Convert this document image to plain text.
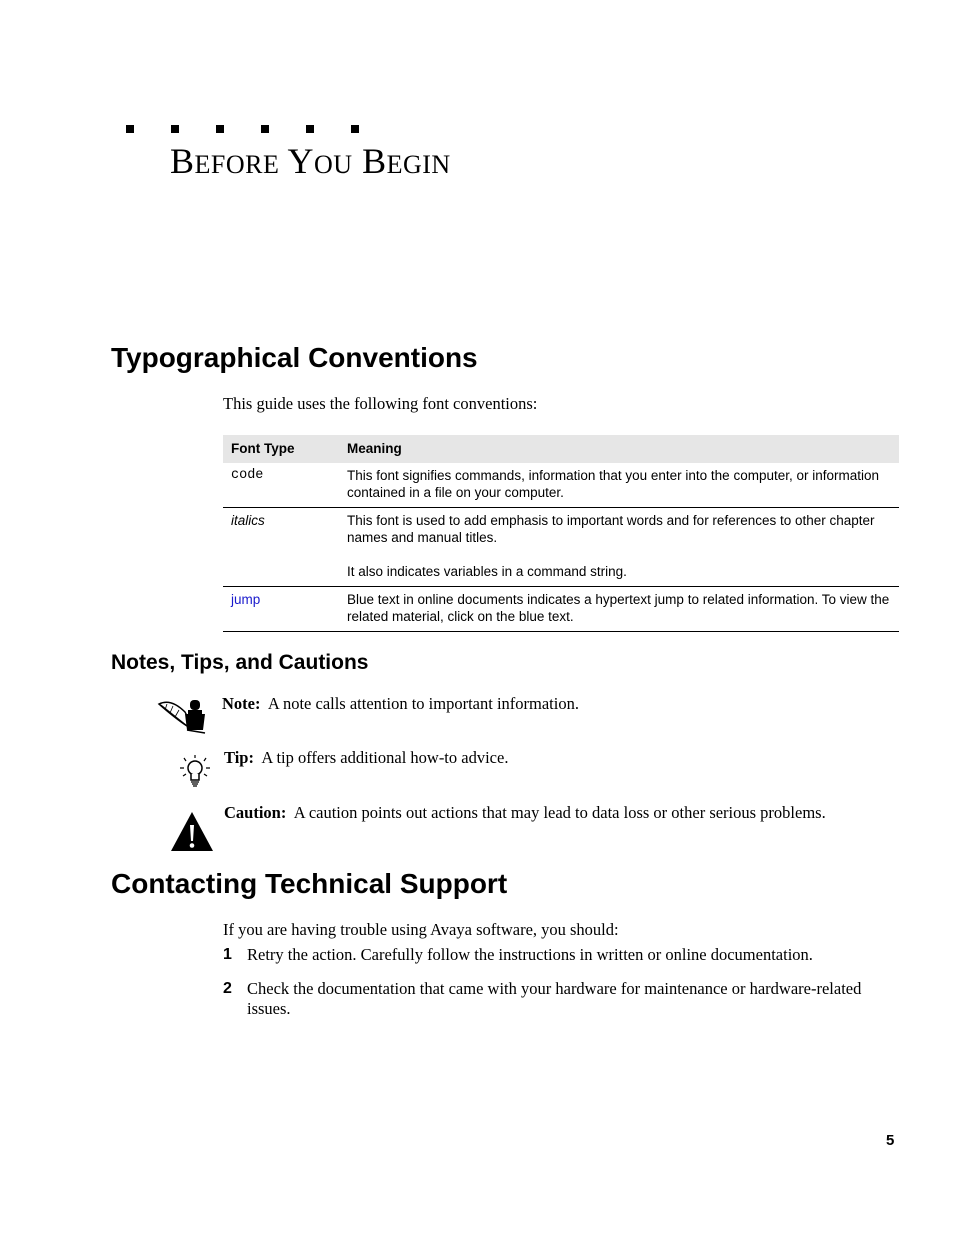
BEFORE YOU BEGIN
Typographical Conventions
This guide uses the following font conventions:
Font Type	Meaning
code	This font signifies commands, information that you enter into the computer, or information contained in a file on your computer.
italics	This font is used to add emphasis to important words and for references to other chapter names and manual titles.
It also indicates variables in a command string.
jump	Blue text in online documents indicates a hypertext jump to related information. To view the related material, click on the blue text.
Notes, Tips, and Cautions
Note: A note calls attention to important information.
Tip: A tip offers additional how-to advice.
Caution: A caution points out actions that may lead to data loss or other serious problems.
Contacting Technical Support
If you are having trouble using Avaya software, you should:
1 Retry the action. Carefully follow the instructions in written or online documentation.
2 Check the documentation that came with your hardware for maintenance or hardware-related issues.
5
